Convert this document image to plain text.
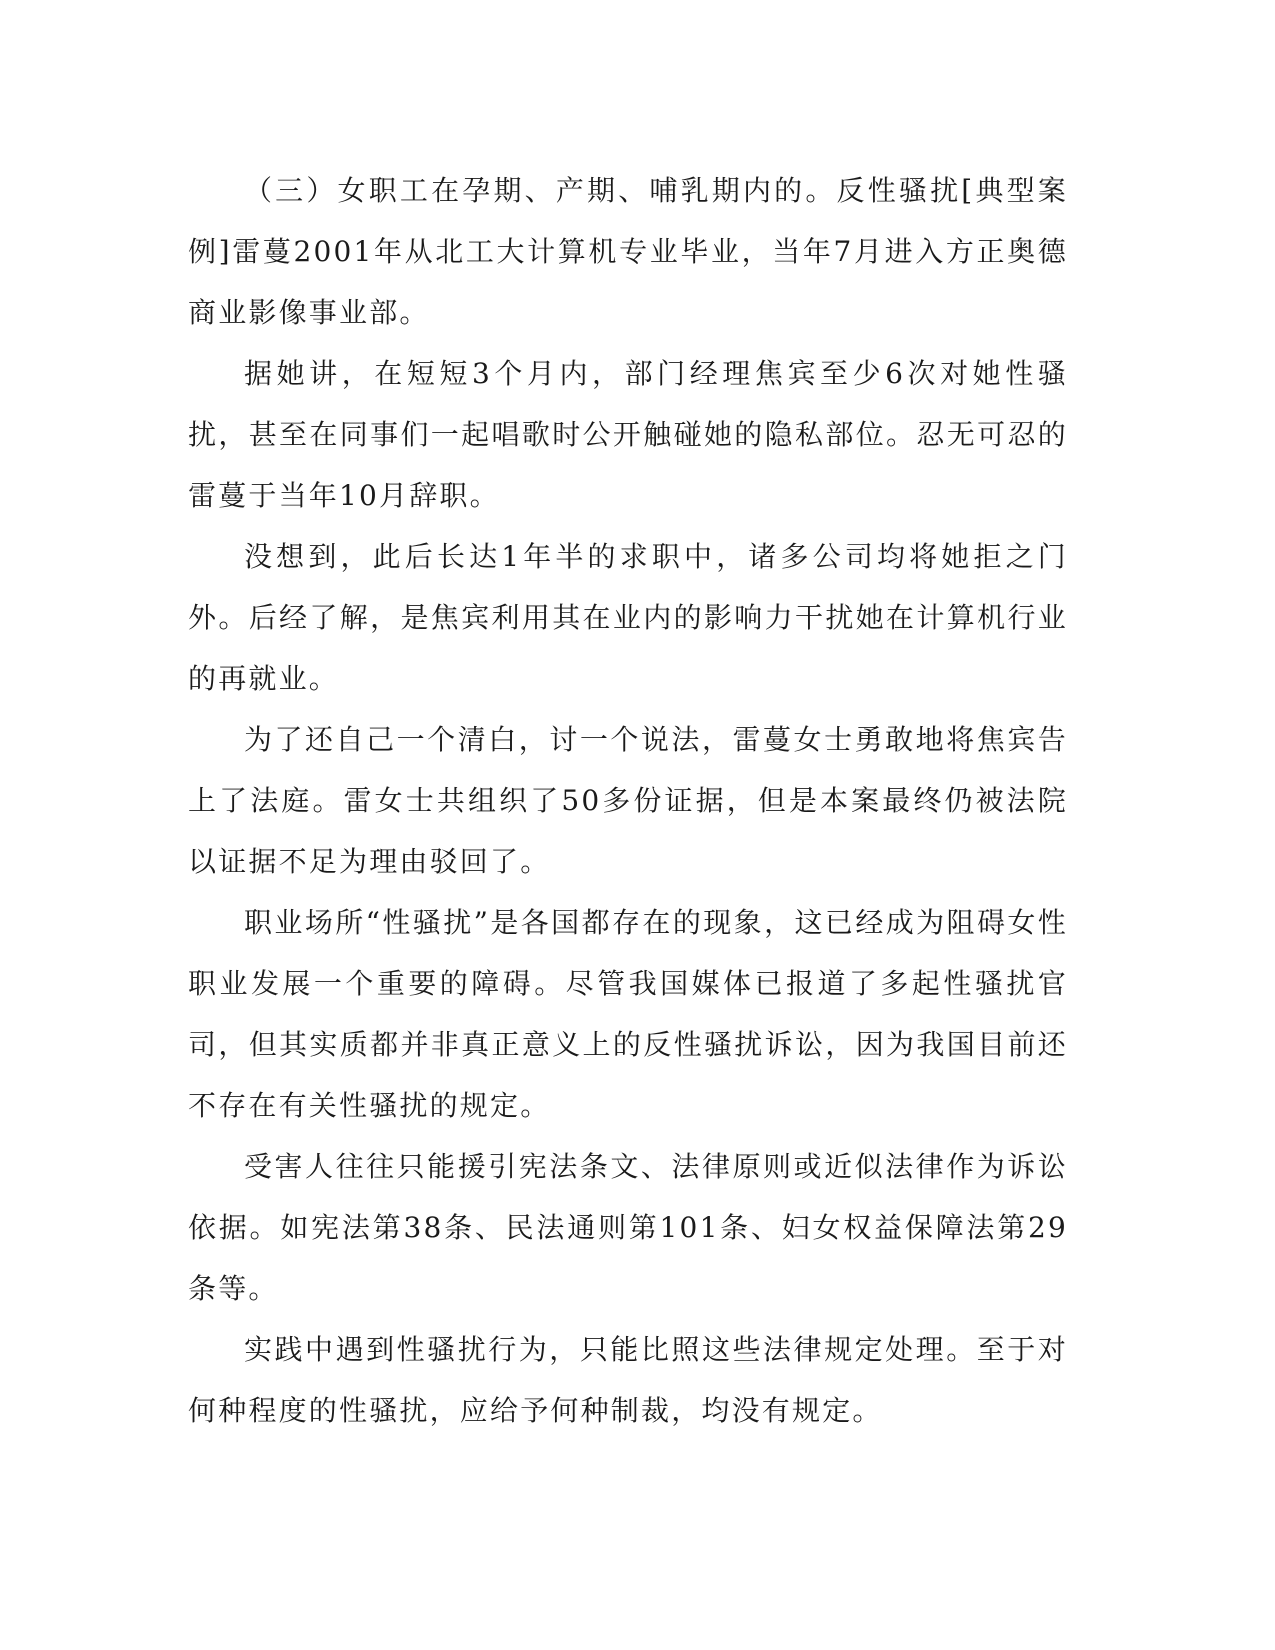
（三）女职工在孕期、产期、哺乳期内的。反性骚扰[典型案例]雷蔓2001年从北工大计算机专业毕业，当年7月进入方正奥德商业影像事业部。

据她讲，在短短3个月内，部门经理焦宾至少6次对她性骚扰，甚至在同事们一起唱歌时公开触碰她的隐私部位。忍无可忍的雷蔓于当年10月辞职。

没想到，此后长达1年半的求职中，诸多公司均将她拒之门外。后经了解，是焦宾利用其在业内的影响力干扰她在计算机行业的再就业。

为了还自己一个清白，讨一个说法，雷蔓女士勇敢地将焦宾告上了法庭。雷女士共组织了50多份证据，但是本案最终仍被法院以证据不足为理由驳回了。

职业场所“性骚扰”是各国都存在的现象，这已经成为阻碍女性职业发展一个重要的障碍。尽管我国媒体已报道了多起性骚扰官司，但其实质都并非真正意义上的反性骚扰诉讼，因为我国目前还不存在有关性骚扰的规定。

受害人往往只能援引宪法条文、法律原则或近似法律作为诉讼依据。如宪法第38条、民法通则第101条、妇女权益保障法第29条等。

实践中遇到性骚扰行为，只能比照这些法律规定处理。至于对何种程度的性骚扰，应给予何种制裁，均没有规定。
